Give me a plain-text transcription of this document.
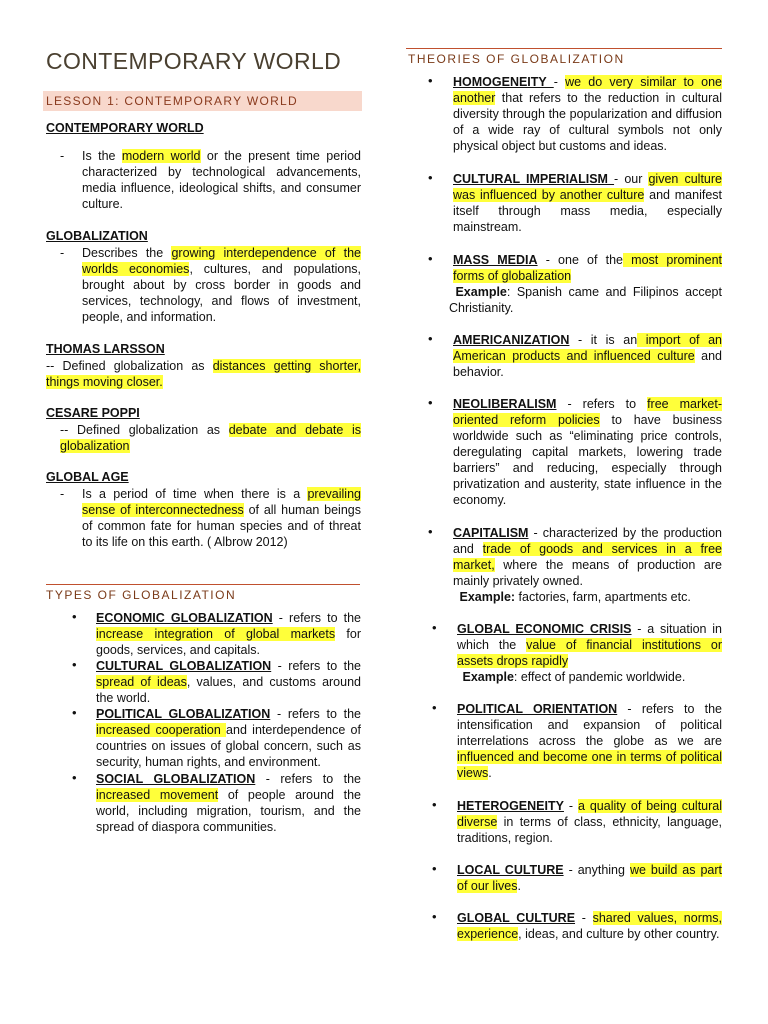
CONTEMPORARY WORLD
LESSON 1: CONTEMPORARY WORLD
CONTEMPORARY WORLD
-	Is the modern world or the present time period characterized by technological advancements, media influence, ideological shifts, and consumer culture.
GLOBALIZATION
-	Describes the growing interdependence of the worlds economies, cultures, and populations, brought about by cross border in goods and services, technology, and flows of investment, people, and information.
THOMAS LARSSON
-- Defined globalization as distances getting shorter, things moving closer.
CESARE POPPI
-- Defined globalization as debate and debate is globalization
GLOBAL AGE
-	Is a period of time when there is a prevailing sense of interconnectedness of all human beings of common fate for human species and of threat to its life on this earth. ( Albrow 2012)
TYPES OF GLOBALIZATION
• ECONOMIC GLOBALIZATION - refers to the increase integration of global markets for goods, services, and capitals.
• CULTURAL GLOBALIZATION - refers to the spread of ideas, values, and customs around the world.
• POLITICAL GLOBALIZATION - refers to the increased cooperation and interdependence of countries on issues of global concern, such as security, human rights, and environment.
• SOCIAL GLOBALIZATION - refers to the increased movement of people around the world, including migration, tourism, and the spread of diaspora communities.
THEORIES OF GLOBALIZATION
• HOMOGENEITY - we do very similar to one another that refers to the reduction in cultural diversity through the popularization and diffusion of a wide ray of cultural symbols not only physical object but customs and ideas.
• CULTURAL IMPERIALISM - our given culture was influenced by another culture and manifest itself through mass media, especially mainstream.
• MASS MEDIA - one of the most prominent forms of globalization
Example: Spanish came and Filipinos accept Christianity.
• AMERICANIZATION - it is an import of an American products and influenced culture and behavior.
• NEOLIBERALISM - refers to free market-oriented reform policies to have business worldwide such as “eliminating price controls, deregulating capital markets, lowering trade barriers” and reducing, especially through privatization and austerity, state influence in the economy.
• CAPITALISM - characterized by the production and trade of goods and services in a free market, where the means of production are mainly privately owned.
Example: factories, farm, apartments etc.
• GLOBAL ECONOMIC CRISIS - a situation in which the value of financial institutions or assets drops rapidly
Example: effect of pandemic worldwide.
• POLITICAL ORIENTATION - refers to the intensification and expansion of political interrelations across the globe as we are influenced and become one in terms of political views.
• HETEROGENEITY - a quality of being cultural diverse in terms of class, ethnicity, language, traditions, region.
• LOCAL CULTURE - anything we build as part of our lives.
• GLOBAL CULTURE - shared values, norms, experience, ideas, and culture by other country.
